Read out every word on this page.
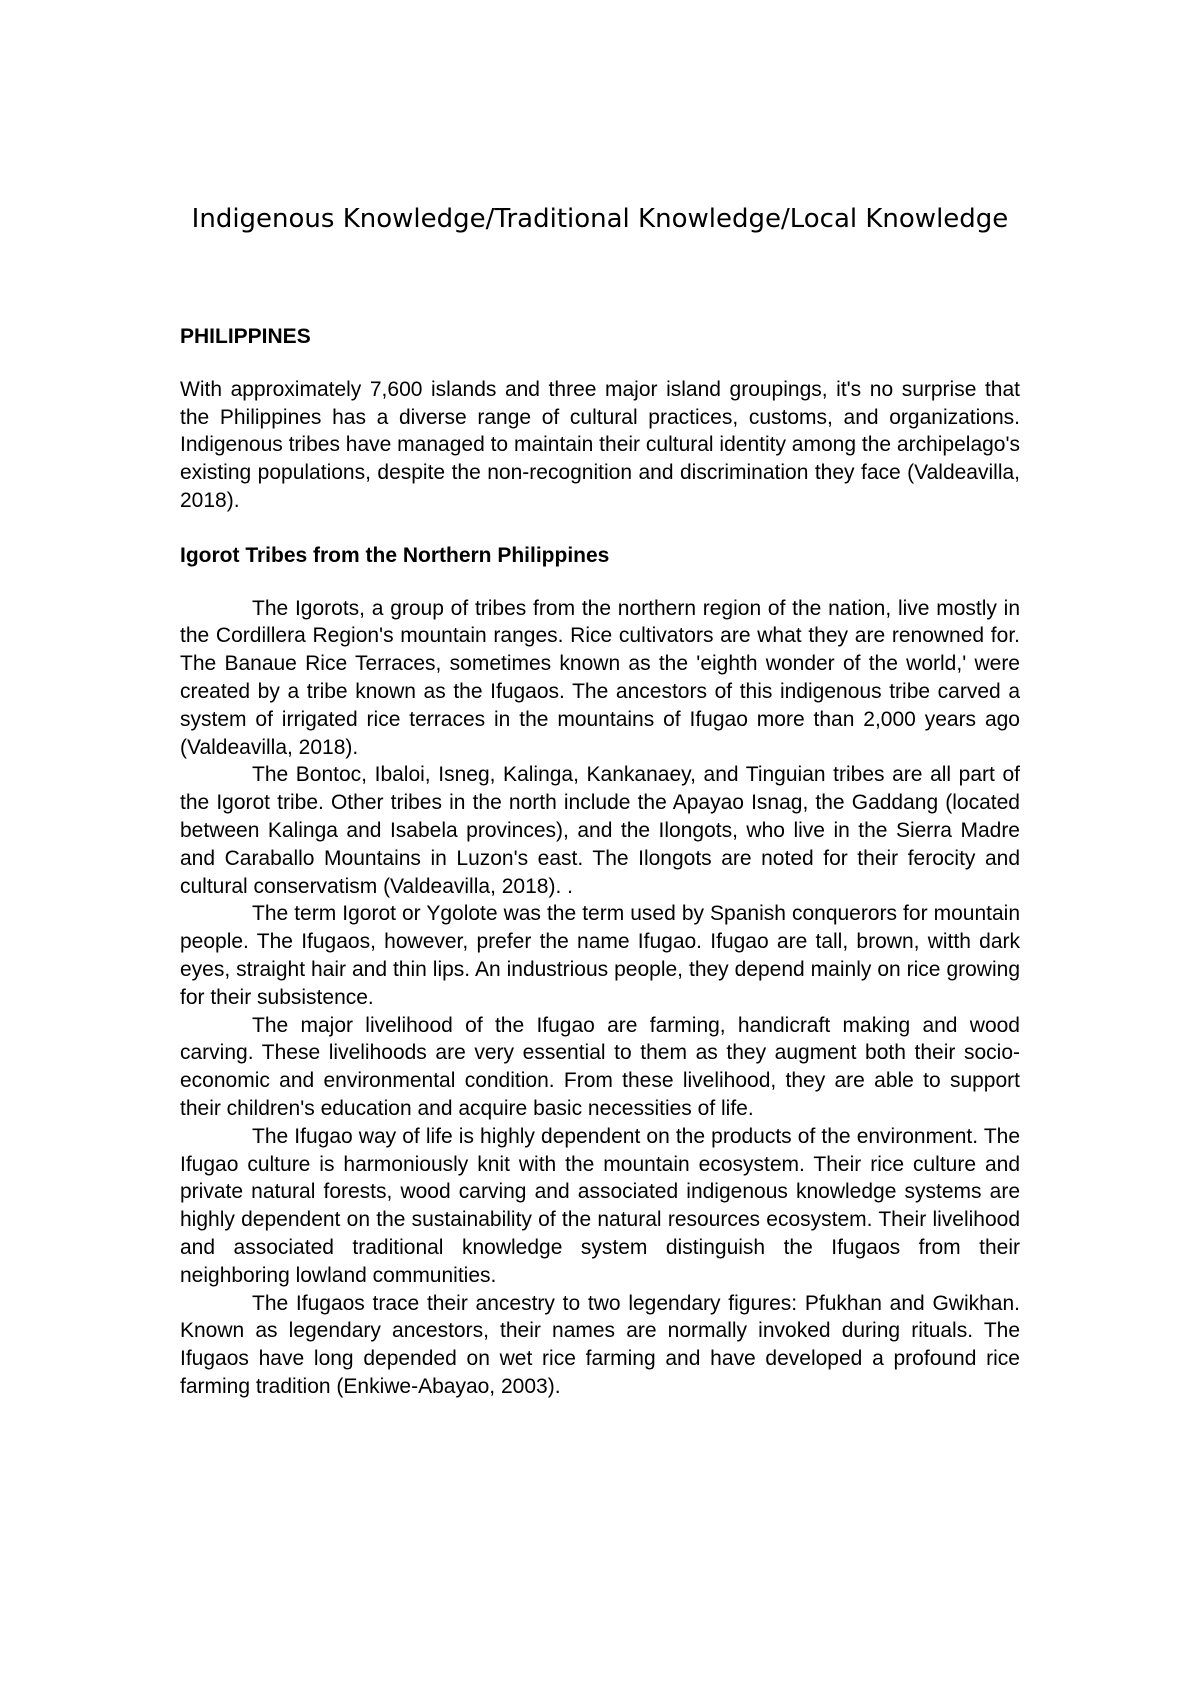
Indigenous Knowledge/Traditional Knowledge/Local Knowledge

PHILIPPINES

With approximately 7,600 islands and three major island groupings, it's no surprise that the Philippines has a diverse range of cultural practices, customs, and organizations. Indigenous tribes have managed to maintain their cultural identity among the archipelago's existing populations, despite the non-recognition and discrimination they face (Valdeavilla, 2018).

Igorot Tribes from the Northern Philippines

The Igorots, a group of tribes from the northern region of the nation, live mostly in the Cordillera Region's mountain ranges. Rice cultivators are what they are renowned for. The Banaue Rice Terraces, sometimes known as the 'eighth wonder of the world,' were created by a tribe known as the Ifugaos. The ancestors of this indigenous tribe carved a system of irrigated rice terraces in the mountains of Ifugao more than 2,000 years ago (Valdeavilla, 2018).

The Bontoc, Ibaloi, Isneg, Kalinga, Kankanaey, and Tinguian tribes are all part of the Igorot tribe. Other tribes in the north include the Apayao Isnag, the Gaddang (located between Kalinga and Isabela provinces), and the Ilongots, who live in the Sierra Madre and Caraballo Mountains in Luzon's east. The Ilongots are noted for their ferocity and cultural conservatism (Valdeavilla, 2018). .

The term Igorot or Ygolote was the term used by Spanish conquerors for mountain people. The Ifugaos, however, prefer the name Ifugao. Ifugao are tall, brown, witth dark eyes, straight hair and thin lips. An industrious people, they depend mainly on rice growing for their subsistence.

The major livelihood of the Ifugao are farming, handicraft making and wood carving. These livelihoods are very essential to them as they augment both their socio-economic and environmental condition. From these livelihood, they are able to support their children's education and acquire basic necessities of life.

The Ifugao way of life is highly dependent on the products of the environment. The Ifugao culture is harmoniously knit with the mountain ecosystem. Their rice culture and private natural forests, wood carving and associated indigenous knowledge systems are highly dependent on the sustainability of the natural resources ecosystem. Their livelihood and associated traditional knowledge system distinguish the Ifugaos from their neighboring lowland communities.

The Ifugaos trace their ancestry to two legendary figures: Pfukhan and Gwikhan. Known as legendary ancestors, their names are normally invoked during rituals. The Ifugaos have long depended on wet rice farming and have developed a profound rice farming tradition (Enkiwe-Abayao, 2003).
